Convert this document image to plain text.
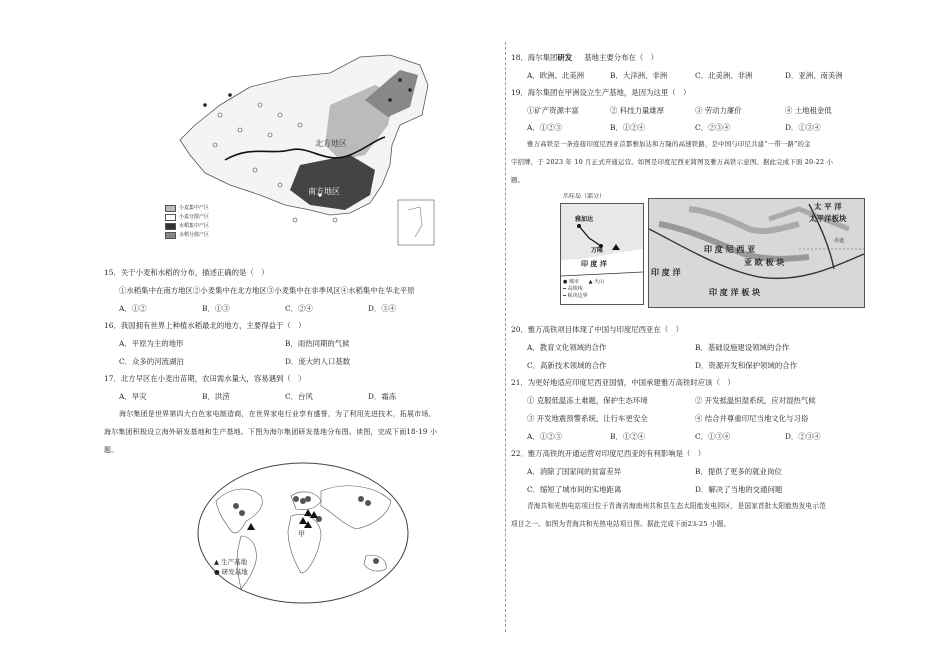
北方地区
南方地区
小麦集中产区
小麦分散产区
水稻集中产区
水稻分散产区
15．关于小麦和水稻的分布，描述正确的是（　）
①水稻集中在南方地区②小麦集中在北方地区③小麦集中在非季风区④水稻集中在华北平原
A．①②	B．①③	C．②④	D．③④
16．我国拥有世界上种植水稻最北的地方，主要得益于（　）
A．平原为主的地形	B．雨热同期的气候
C．众多的河流湖泊	D．庞大的人口基数
17．北方早区在小麦出苗期，农田需水量大，容易遇到（　）
A．旱灾	B．洪涝	C．台风	D．霜冻
海尔集团是世界第四大白色家电制造商，在世界家电行业享有盛誉，为了利用先进技术，拓展市场，
海尔集团积极设立海外研发基地和生产基地。下图为海尔集团研发基地分布图。读图，完成下面18-19 小
题。
甲
▲ 生产基地
● 研发基地
18．海尔集团研发 基地主要分布在（　）
A．欧洲、北美洲	B．大洋洲、非洲	C．北美洲、非洲	D．亚洲、南美洲
19．海尔集团在甲洲设立生产基地，是因为这里（　）
①矿产资源丰富	② 科技力量雄厚	③ 劳动力廉价	④ 土地租金低
A．①②③	B．①②④	C．②③④	D．①③④
雅万高铁是一条连接印度尼西亚首都雅加达和万隆的高速铁路，是中国与印尼共建“一带一路”的金
字招牌，于 2023 年 10 月正式开通运营。如图是印度尼西亚简图及雅万高铁示意图。据此完成下面 20-22 小
题。
爪哇岛（部分）
雅加达
万隆
印 度 洋
● 城市 ▲ 火山
━ 高铁线
━ 板块边界
太 平 洋
太平洋板块
赤道
印 度 尼 西 亚
亚 欧 板 块
印 度 洋
印 度 洋 板 块
20．雅万高铁项目体现了中国与印度尼西亚在（　）
A．教育文化领域的合作	B．基础设施建设领域的合作
C．高新技术领域的合作	D．资源开发和保护领域的合作
21．为更好地适应印度尼西亚国情，中国承建雅万高铁时应该（　）
① 克服低温冻土难题，保护生态环境	② 开发抵温恒湿系统，应对湿热气候
③ 开发地震预警系统，让行车更安全	④ 结合并尊重印尼当地文化与习俗
A．①②③	B．①②④	C．①③④	D．②③④
22．雅万高铁的开通运营对印度尼西亚的有利影响是（　）
A．消除了国家间的贫富差异	B．提供了更多的就业岗位
C．缩短了城市间的实地距离	D．解决了当地的交通问题
青海共和光热电站项目位于青海省海南州共和县生态太阳能发电园区，是国家首批太阳能热发电示范
项目之一。如图为青海共和光热电站项目图。据此完成下面23-25 小题。
